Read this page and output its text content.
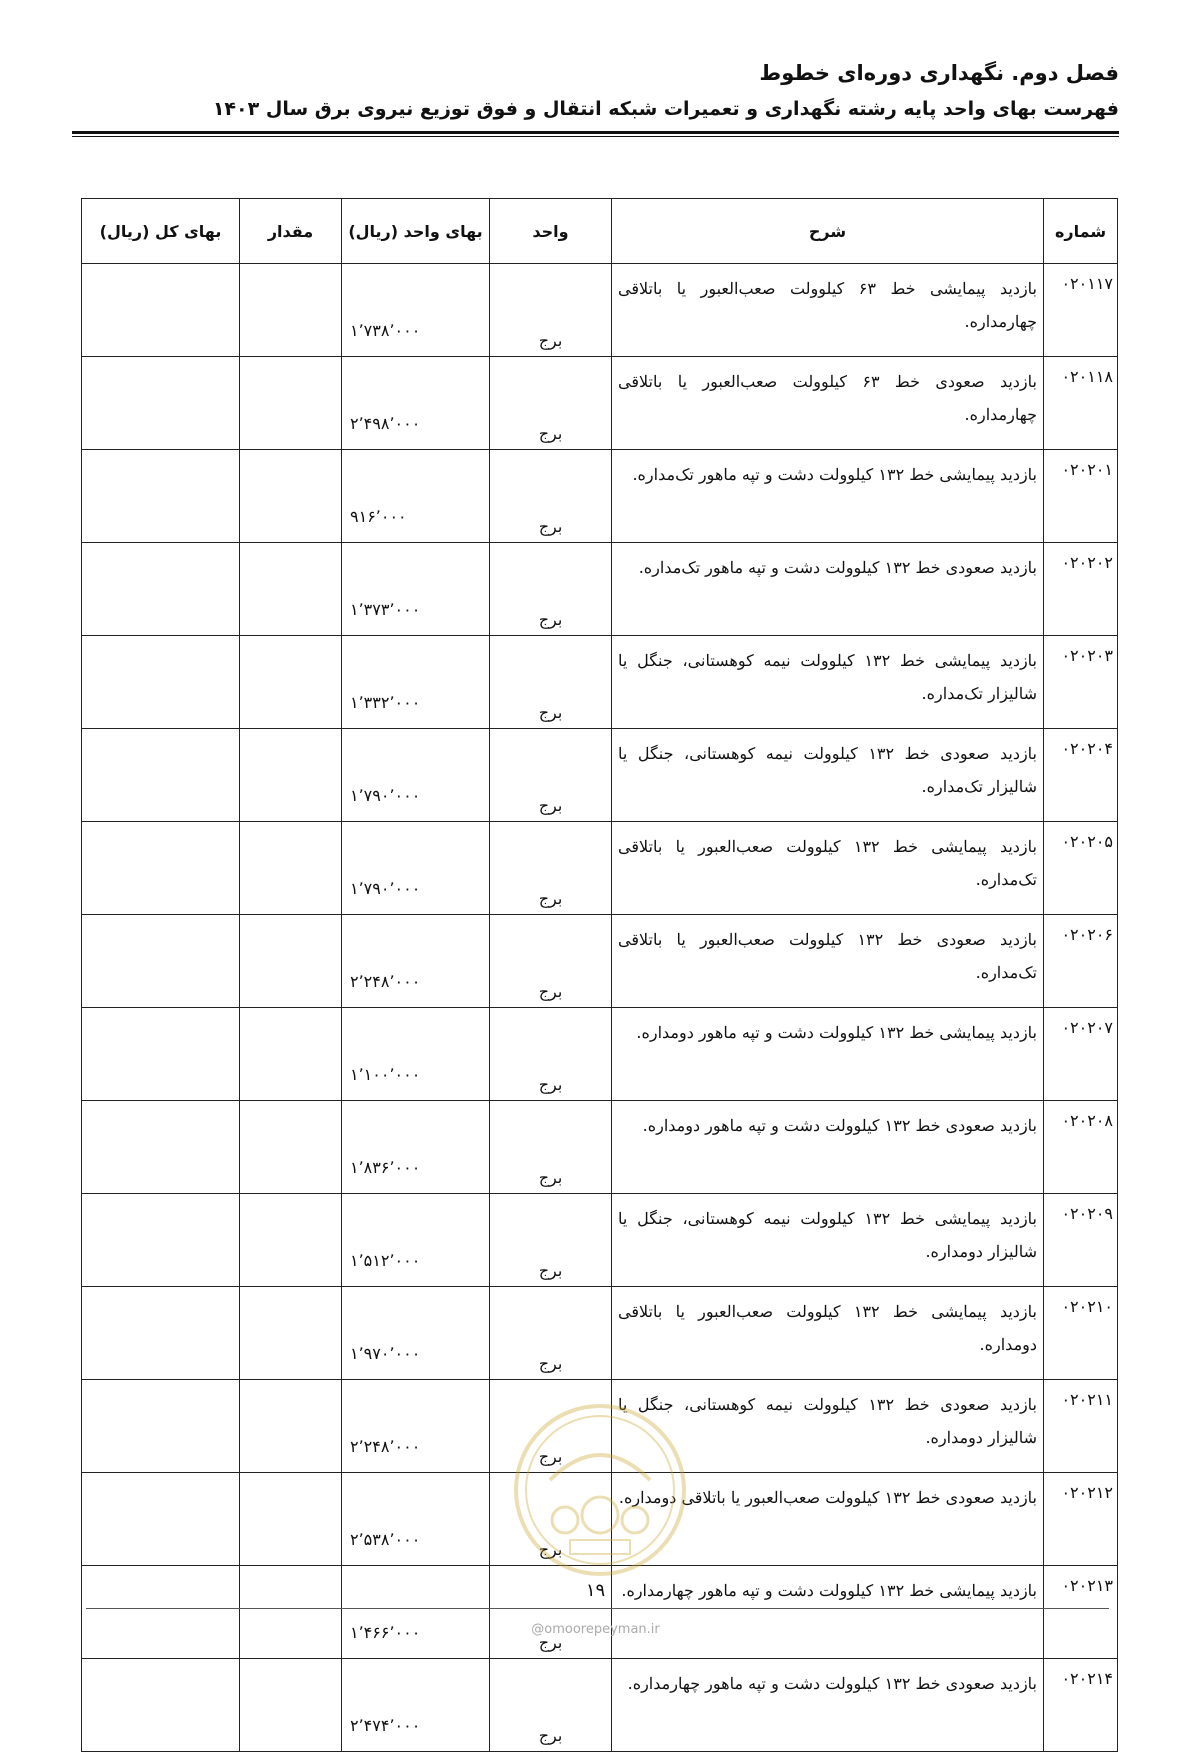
فصل دوم. نگهداری دوره‌ای خطوط
فهرست بهای واحد پایه رشته نگهداری و تعمیرات شبکه انتقال و فوق توزیع نیروی برق سال ۱۴۰۳
شماره	شرح	واحد	بهای واحد (ریال)	مقدار	بهای کل (ریال)
۰۲۰۱۱۷	بازدید پیمایشی خط ۶۳ کیلوولت صعب‌العبور یا باتلاقی چهارمداره.	برج	۱٬۷۳۸٬۰۰۰		
۰۲۰۱۱۸	بازدید صعودی خط ۶۳ کیلوولت صعب‌العبور یا باتلاقی چهارمداره.	برج	۲٬۴۹۸٬۰۰۰		
۰۲۰۲۰۱	بازدید پیمایشی خط ۱۳۲ کیلوولت دشت و تپه ماهور تک‌مداره.	برج	۹۱۶٬۰۰۰		
۰۲۰۲۰۲	بازدید صعودی خط ۱۳۲ کیلوولت دشت و تپه ماهور تک‌مداره.	برج	۱٬۳۷۳٬۰۰۰		
۰۲۰۲۰۳	بازدید پیمایشی خط ۱۳۲ کیلوولت نیمه کوهستانی، جنگل یا شالیزار تک‌مداره.	برج	۱٬۳۳۲٬۰۰۰		
۰۲۰۲۰۴	بازدید صعودی خط ۱۳۲ کیلوولت نیمه کوهستانی، جنگل یا شالیزار تک‌مداره.	برج	۱٬۷۹۰٬۰۰۰		
۰۲۰۲۰۵	بازدید پیمایشی خط ۱۳۲ کیلوولت صعب‌العبور یا باتلاقی تک‌مداره.	برج	۱٬۷۹۰٬۰۰۰		
۰۲۰۲۰۶	بازدید صعودی خط ۱۳۲ کیلوولت صعب‌العبور یا باتلاقی تک‌مداره.	برج	۲٬۲۴۸٬۰۰۰		
۰۲۰۲۰۷	بازدید پیمایشی خط ۱۳۲ کیلوولت دشت و تپه ماهور دومداره.	برج	۱٬۱۰۰٬۰۰۰		
۰۲۰۲۰۸	بازدید صعودی خط ۱۳۲ کیلوولت دشت و تپه ماهور دومداره.	برج	۱٬۸۳۶٬۰۰۰		
۰۲۰۲۰۹	بازدید پیمایشی خط ۱۳۲ کیلوولت نیمه کوهستانی، جنگل یا شالیزار دومداره.	برج	۱٬۵۱۲٬۰۰۰		
۰۲۰۲۱۰	بازدید پیمایشی خط ۱۳۲ کیلوولت صعب‌العبور یا باتلاقی دومداره.	برج	۱٬۹۷۰٬۰۰۰		
۰۲۰۲۱۱	بازدید صعودی خط ۱۳۲ کیلوولت نیمه کوهستانی، جنگل یا شالیزار دومداره.	برج	۲٬۲۴۸٬۰۰۰		
۰۲۰۲۱۲	بازدید صعودی خط ۱۳۲ کیلوولت صعب‌العبور یا باتلاقی دومداره.	برج	۲٬۵۳۸٬۰۰۰		
۰۲۰۲۱۳	بازدید پیمایشی خط ۱۳۲ کیلوولت دشت و تپه ماهور چهارمداره.	برج	۱٬۴۶۶٬۰۰۰		
۰۲۰۲۱۴	بازدید صعودی خط ۱۳۲ کیلوولت دشت و تپه ماهور چهارمداره.	برج	۲٬۴۷۴٬۰۰۰		
۱۹
@omoorepeyman.ir
